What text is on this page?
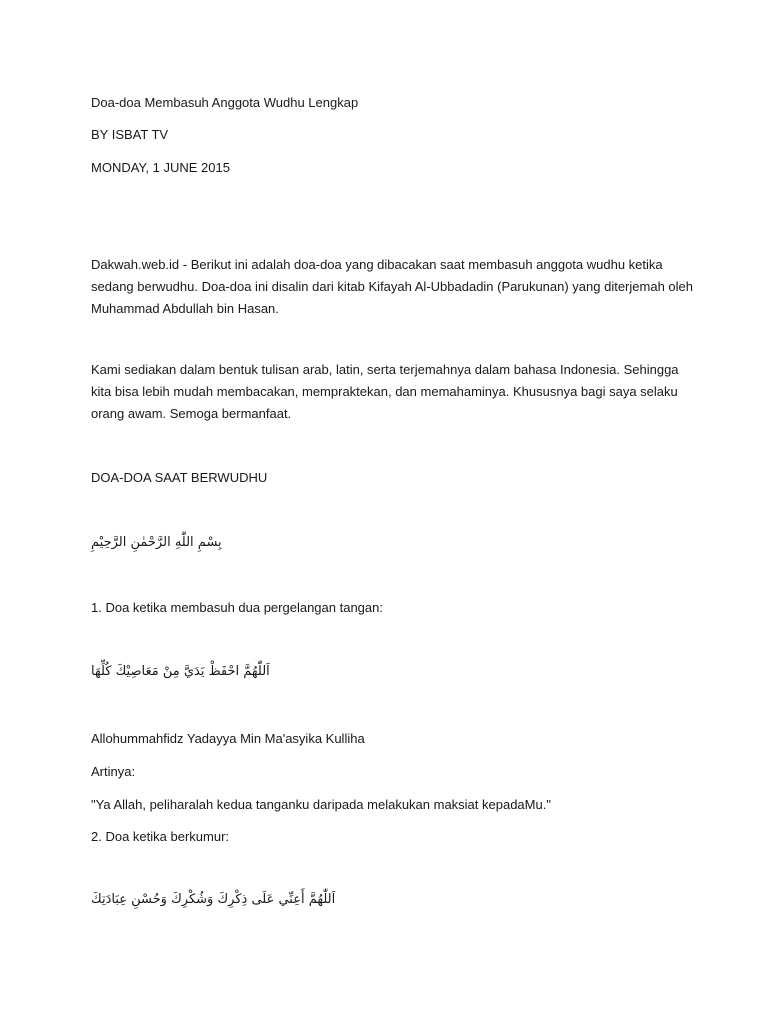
Doa-doa Membasuh Anggota Wudhu Lengkap
BY ISBAT TV
MONDAY, 1 JUNE 2015
Dakwah.web.id - Berikut ini adalah doa-doa yang dibacakan saat membasuh anggota wudhu ketika
sedang berwudhu. Doa-doa ini disalin dari kitab Kifayah Al-Ubbadadin (Parukunan) yang diterjemah oleh
Muhammad Abdullah bin Hasan.
Kami sediakan dalam bentuk tulisan arab, latin, serta terjemahnya dalam bahasa Indonesia. Sehingga
kita bisa lebih mudah membacakan, mempraktekan, dan memahaminya. Khususnya bagi saya selaku
orang awam. Semoga bermanfaat.
DOA-DOA SAAT BERWUDHU
بِسْمِ اللّٰهِ الرَّحْمٰنِ الرَّحِيْمِ
1. Doa ketika membasuh dua pergelangan tangan:
اَللّٰهُمَّ احْفَظْ يَدَيَّ مِنْ مَعَاصِيْكَ كُلِّهَا
Allohummahfidz Yadayya Min Ma'asyika Kulliha
Artinya:
"Ya Allah, peliharalah kedua tanganku daripada melakukan maksiat kepadaMu."
2. Doa ketika berkumur:
اَللّٰهُمَّ أَعِنِّي عَلَى ذِكْرِكَ وَشُكْرِكَ وَحُسْنِ عِبَادَتِكَ
